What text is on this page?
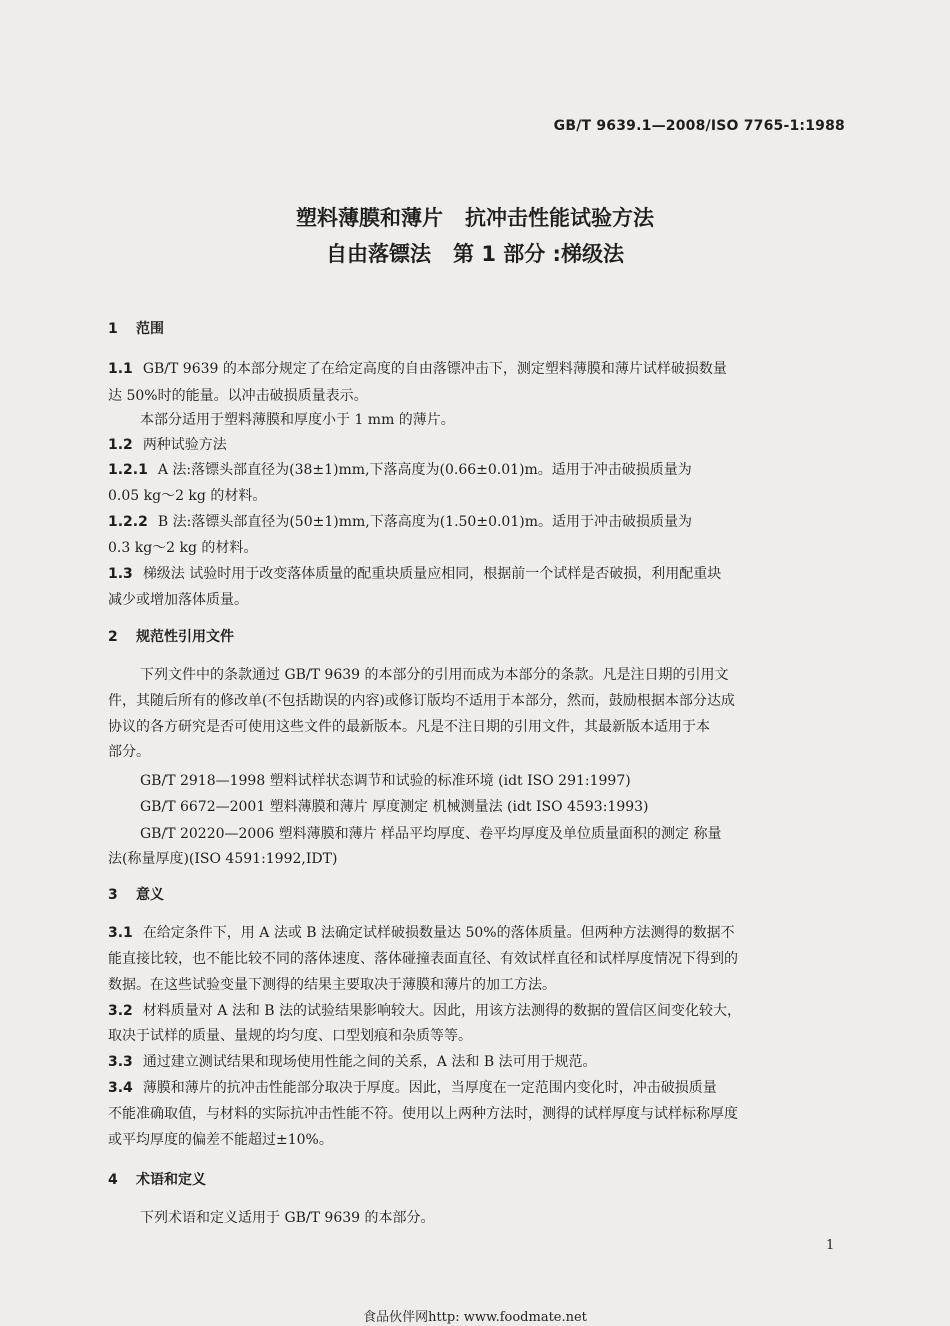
GB/T 9639.1—2008/ISO 7765-1:1988
塑料薄膜和薄片 抗冲击性能试验方法
自由落镖法 第 1 部分 :梯级法
1 范围
1.1 GB/T 9639 的本部分规定了在给定高度的自由落镖冲击下，测定塑料薄膜和薄片试样破损数量
达 50%时的能量。以冲击破损质量表示。
本部分适用于塑料薄膜和厚度小于 1 mm 的薄片。
1.2 两种试验方法
1.2.1 A 法:落镖头部直径为(38±1)mm,下落高度为(0.66±0.01)m。适用于冲击破损质量为
0.05 kg～2 kg 的材料。
1.2.2 B 法:落镖头部直径为(50±1)mm,下落高度为(1.50±0.01)m。适用于冲击破损质量为
0.3 kg～2 kg 的材料。
1.3 梯级法 试验时用于改变落体质量的配重块质量应相同，根据前一个试样是否破损，利用配重块
减少或增加落体质量。
2 规范性引用文件
下列文件中的条款通过 GB/T 9639 的本部分的引用而成为本部分的条款。凡是注日期的引用文
件，其随后所有的修改单(不包括勘误的内容)或修订版均不适用于本部分，然而，鼓励根据本部分达成
协议的各方研究是否可使用这些文件的最新版本。凡是不注日期的引用文件，其最新版本适用于本
部分。
GB/T 2918—1998 塑料试样状态调节和试验的标准环境 (idt ISO 291:1997)
GB/T 6672—2001 塑料薄膜和薄片 厚度测定 机械测量法 (idt ISO 4593:1993)
GB/T 20220—2006 塑料薄膜和薄片 样品平均厚度、卷平均厚度及单位质量面积的测定 称量
法(称量厚度)(ISO 4591:1992,IDT)
3 意义
3.1 在给定条件下，用 A 法或 B 法确定试样破损数量达 50%的落体质量。但两种方法测得的数据不
能直接比较，也不能比较不同的落体速度、落体碰撞表面直径、有效试样直径和试样厚度情况下得到的
数据。在这些试验变量下测得的结果主要取决于薄膜和薄片的加工方法。
3.2 材料质量对 A 法和 B 法的试验结果影响较大。因此，用该方法测得的数据的置信区间变化较大，
取决于试样的质量、量规的均匀度、口型划痕和杂质等等。
3.3 通过建立测试结果和现场使用性能之间的关系，A 法和 B 法可用于规范。
3.4 薄膜和薄片的抗冲击性能部分取决于厚度。因此，当厚度在一定范围内变化时，冲击破损质量
不能准确取值，与材料的实际抗冲击性能不符。使用以上两种方法时，测得的试样厚度与试样标称厚度
或平均厚度的偏差不能超过±10%。
4 术语和定义
下列术语和定义适用于 GB/T 9639 的本部分。
1
食品伙伴网http: www.foodmate.net
